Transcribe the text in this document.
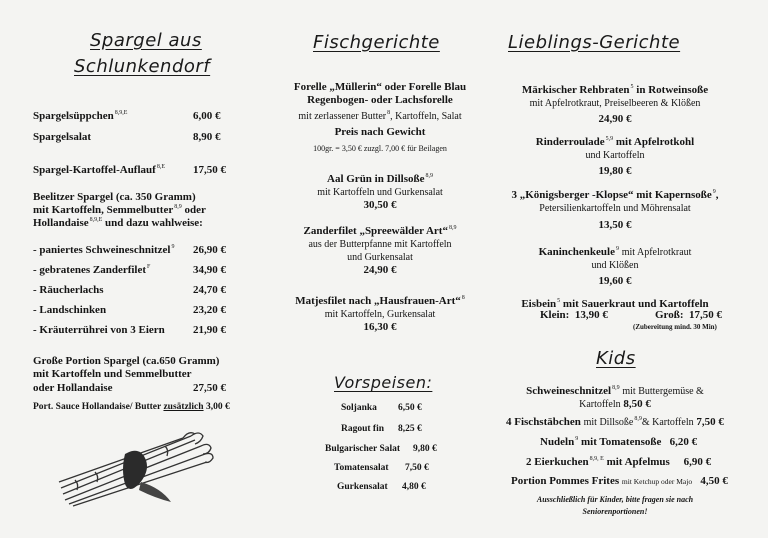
Spargel aus
Schlunkendorf
Spargelsüppchen$^{8,9,E}$	6,00 €
Spargelsalat	8,90 €
Spargel-Kartoffel-Auflauf$^{8,E}$	17,50 €
Beelitzer Spargel (ca. 350 Gramm)
mit Kartoffeln, Semmelbutter$^{8,9}$ oder
Hollandaise$^{8,9,E}$ und dazu wahlweise:
- paniertes Schweineschnitzel$^9$ 26,90 €
- gebratenes Zanderfilet$^F$	34,90 €
- Räucherlachs	24,70 €
- Landschinken	23,20 €
- Kräuterrührei von 3 Eiern	21,90 €
Große Portion Spargel (ca.650 Gramm)
mit Kartoffeln und Semmelbutter
oder Hollandaise	27,50 €
Port. Sauce Hollandaise/ Butter zusätzlich 3,00 €
Fischgerichte
Forelle „Müllerin“ oder Forelle Blau
Regenbogen- oder Lachsforelle
mit zerlassener Butter$^8$, Kartoffeln, Salat
Preis nach Gewicht
100gr. = 3,50 € zuzgl. 7,00 € für Beilagen
Aal Grün in Dillsoße$^{8,9}$
mit Kartoffeln und Gurkensalat
30,50 €
Zanderfilet „Spreewälder Art“$^{8,9}$
aus der Butterpfanne mit Kartoffeln
und Gurkensalat
24,90 €
Matjesfilet nach „Hausfrauen-Art“$^8$
mit Kartoffeln, Gurkensalat
16,30 €
Vorspeisen:
Soljanka 6,50 €
Ragout fin 8,25 €
Bulgarischer Salat 9,80 €
Tomatensalat 7,50 €
Gurkensalat 4,80 €
Lieblings-Gerichte
Märkischer Rehbraten$^5$ in Rotweinsoße
mit Apfelrotkraut, Preiselbeeren & Klößen
24,90 €
Rinderroulade$^{5,9}$ mit Apfelrotkohl
und Kartoffeln
19,80 €
3 „Königsberger -Klopse“ mit Kapernsoße$^9$,
Petersilienkartoffeln und Möhrensalat
13,50 €
Kaninchenkeule$^9$ mit Apfelrotkraut
und Klößen
19,60 €
Eisbein$^5$ mit Sauerkraut und Kartoffeln
Klein: 13,90 €	Groß: 17,50 €
(Zubereitung mind. 30 Min)
Kids
Schweineschnitzel$^{8,9}$ mit Buttergemüse &
Kartoffeln 8,50 €
4 Fischstäbchen mit Dillsoße$^{8,9}$& Kartoffeln 7,50 €
Nudeln$^9$ mit Tomatensoße 6,20 €
2 Eierkuchen$^{8,9, E}$ mit Apfelmus 6,90 €
Portion Pommes Frites mit Ketchup oder Majo 4,50 €
Ausschließlich für Kinder, bitte fragen sie nach
Seniorenportionen!
